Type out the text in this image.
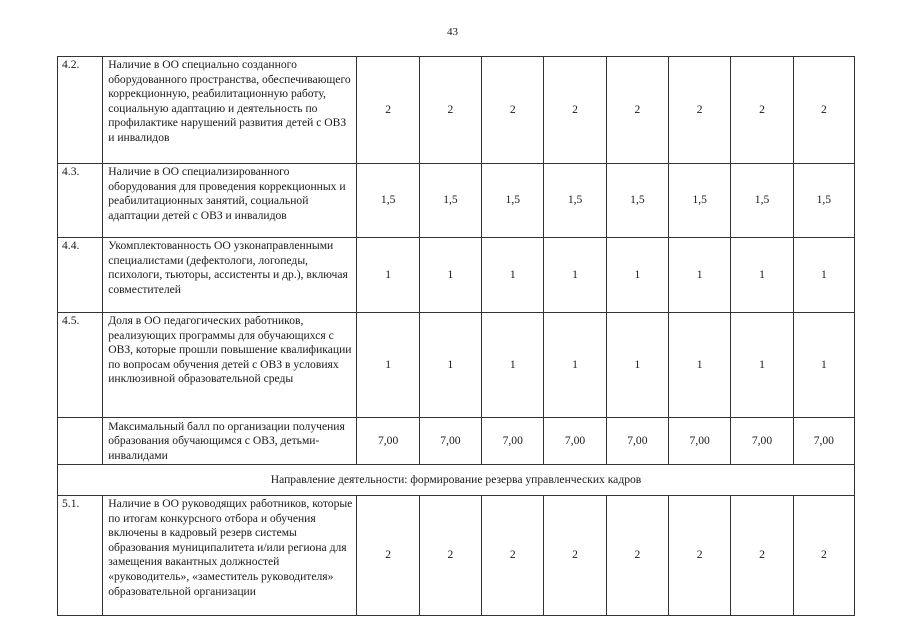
43
4.2.	Наличие в ОО специально созданного оборудованного пространства, обеспечивающего коррекционную, реабилитационную работу, социальную адаптацию и деятельность по профилактике нарушений развития детей с ОВЗ и инвалидов	2	2	2	2	2	2	2	2
4.3.	Наличие в ОО специализированного оборудования для проведения коррекционных и реабилитационных занятий, социальной адаптации детей с ОВЗ и инвалидов	1,5	1,5	1,5	1,5	1,5	1,5	1,5	1,5
4.4.	Укомплектованность ОО узконаправленными специалистами (дефектологи, логопеды, психологи, тьюторы, ассистенты и др.), включая совместителей	1	1	1	1	1	1	1	1
4.5.	Доля в ОО педагогических работников, реализующих программы для обучающихся с ОВЗ, которые прошли повышение квалификации по вопросам обучения детей с ОВЗ в условиях инклюзивной образовательной среды	1	1	1	1	1	1	1	1
	Максимальный балл по организации получения образования обучающимся с ОВЗ, детьми-инвалидами	7,00	7,00	7,00	7,00	7,00	7,00	7,00	7,00
Направление деятельности: формирование резерва управленческих кадров									
5.1.	Наличие в ОО руководящих работников, которые по итогам конкурсного отбора и обучения включены в кадровый резерв системы образования муниципалитета и/или региона для замещения вакантных должностей «руководитель», «заместитель руководителя» образовательной организации	2	2	2	2	2	2	2	2
